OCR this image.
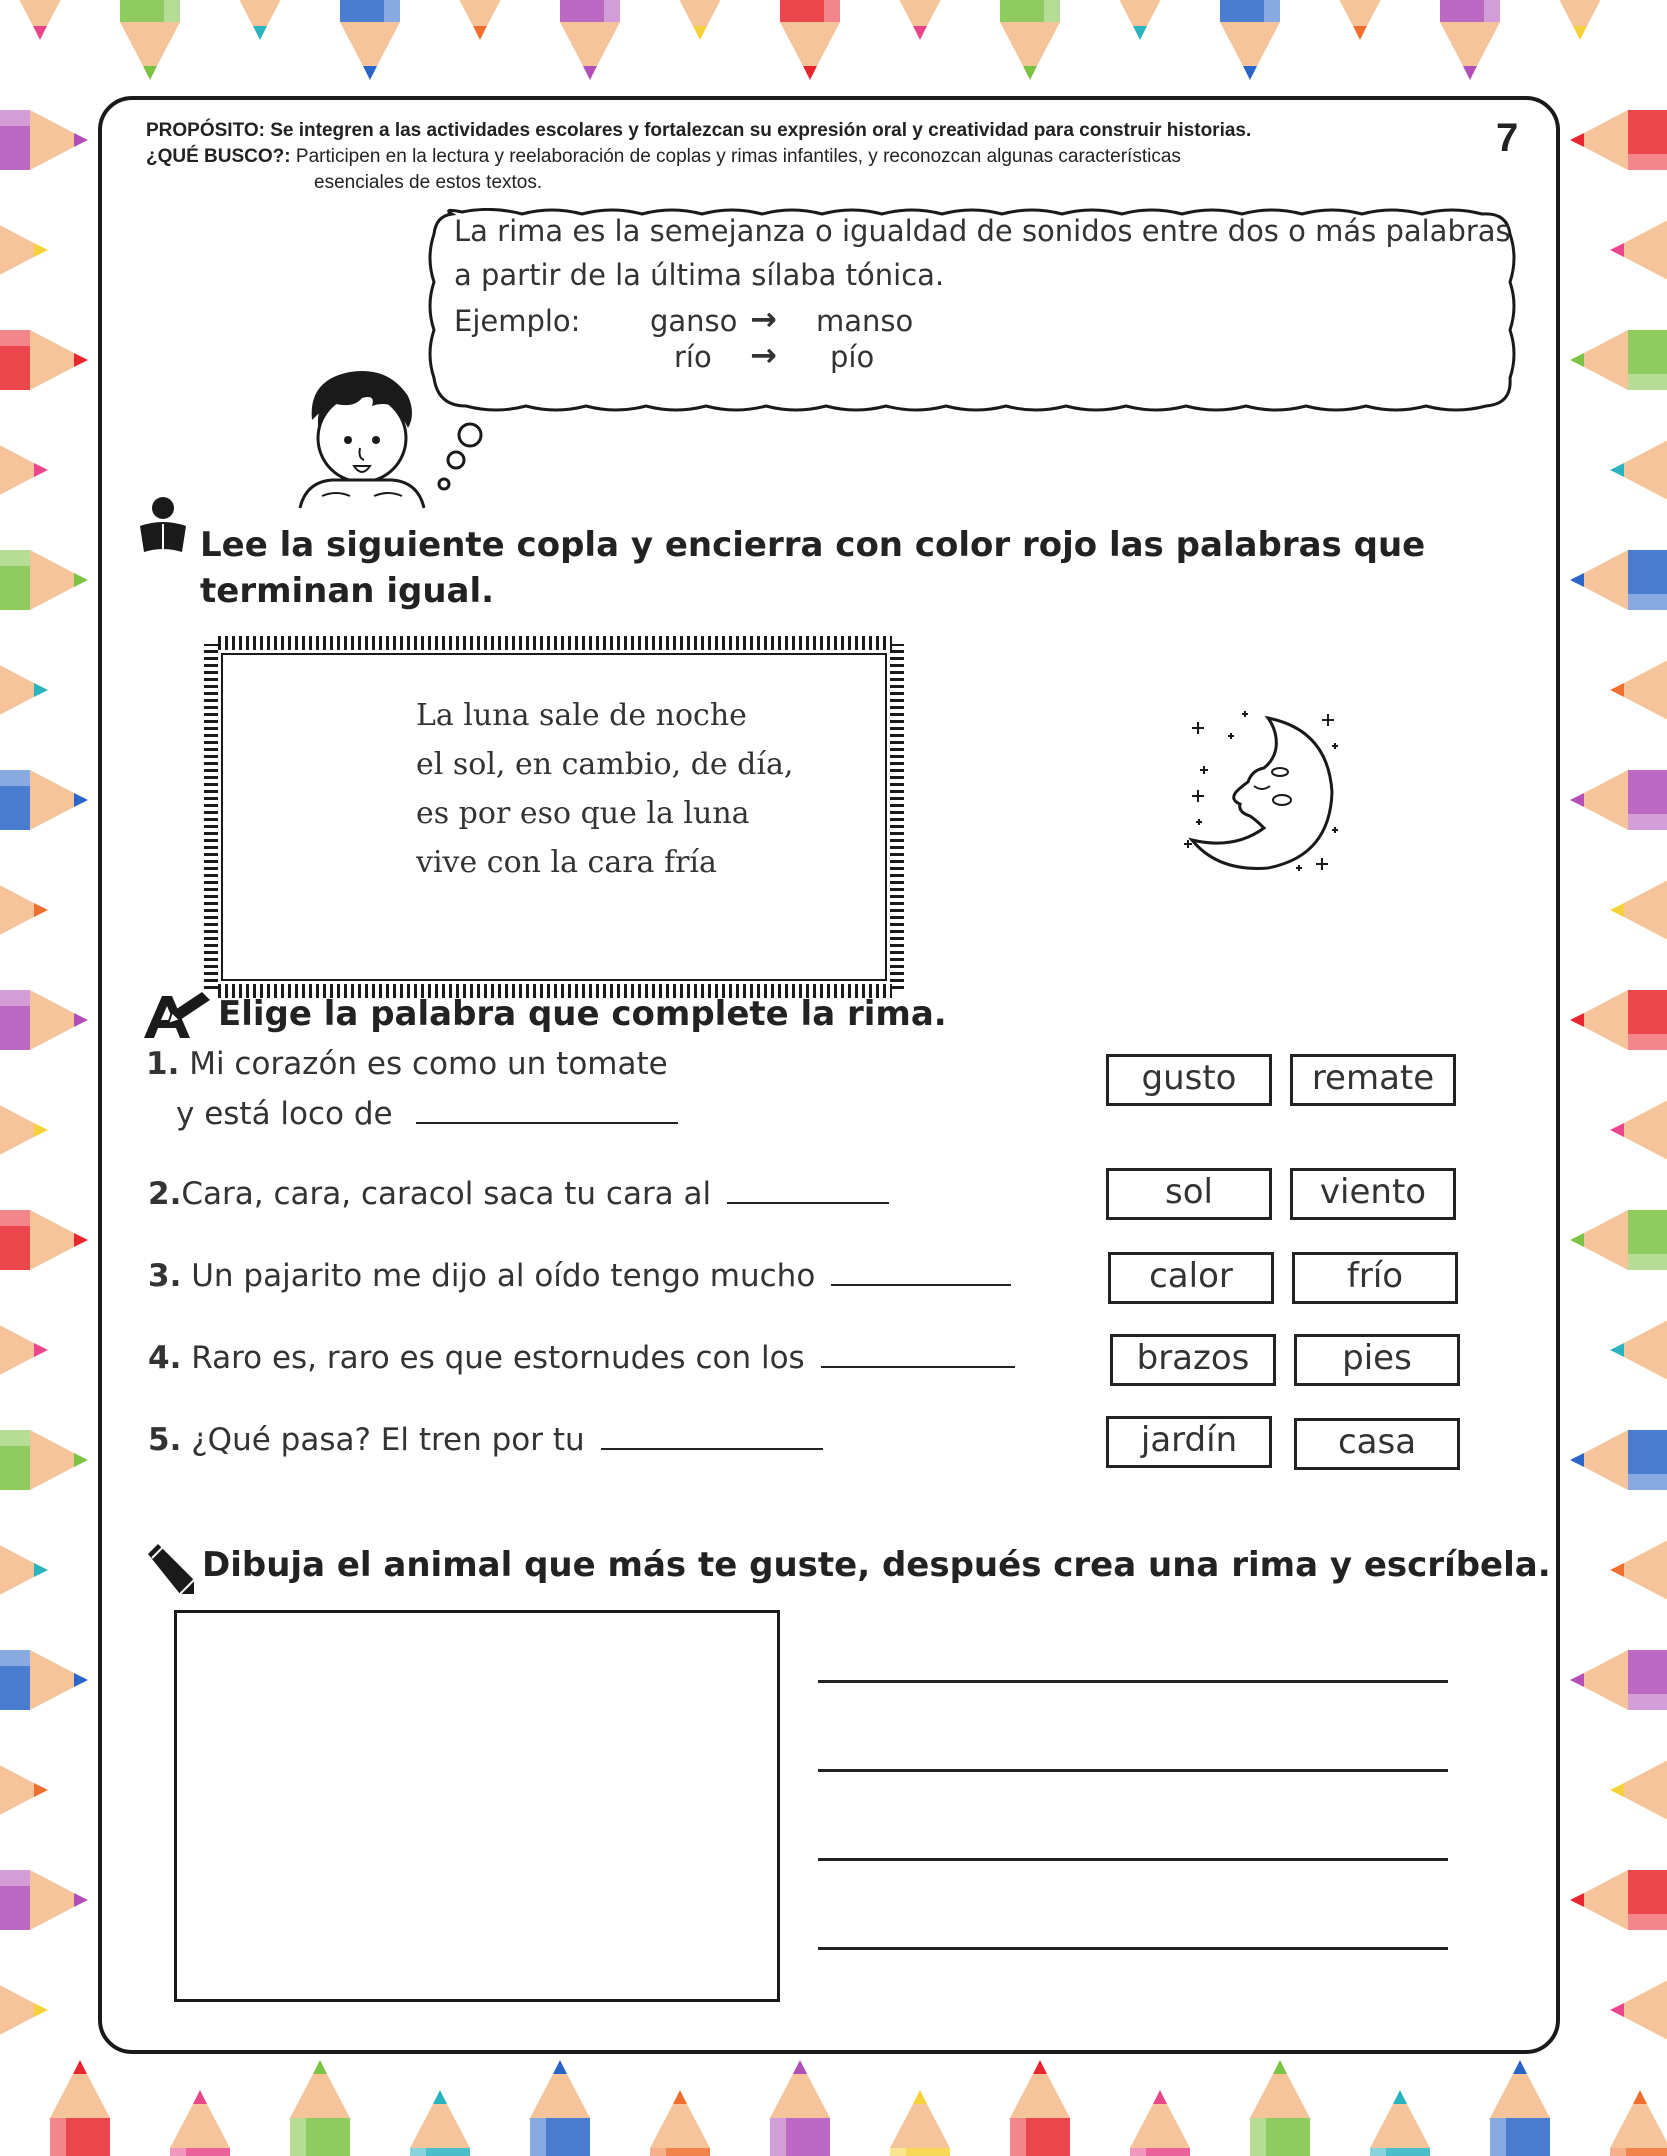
PROPÓSITO: Se integren a las actividades escolares y fortalezcan su expresión oral y creatividad para construir historias.
¿QUÉ BUSCO?: Participen en la lectura y reelaboración de coplas y rimas infantiles, y reconozcan algunas características
esenciales de estos textos.
7
La rima es la semejanza o igualdad de sonidos entre dos o más palabras
a partir de la última sílaba tónica.
Ejemplo: ganso → manso
río → pío
Lee la siguiente copla y encierra con color rojo las palabras que
terminan igual.
La luna sale de noche
el sol, en cambio, de día,
es por eso que la luna
vive con la cara fría
Elige la palabra que complete la rima.
1. Mi corazón es como un tomate
y está loco de
2.Cara, cara, caracol saca tu cara al
3. Un pajarito me dijo al oído tengo mucho
4. Raro es, raro es que estornudes con los
5. ¿Qué pasa? El tren por tu
gusto	remate
sol	viento
calor	frío
brazos	pies
jardín	casa
Dibuja el animal que más te guste, después crea una rima y escríbela.
